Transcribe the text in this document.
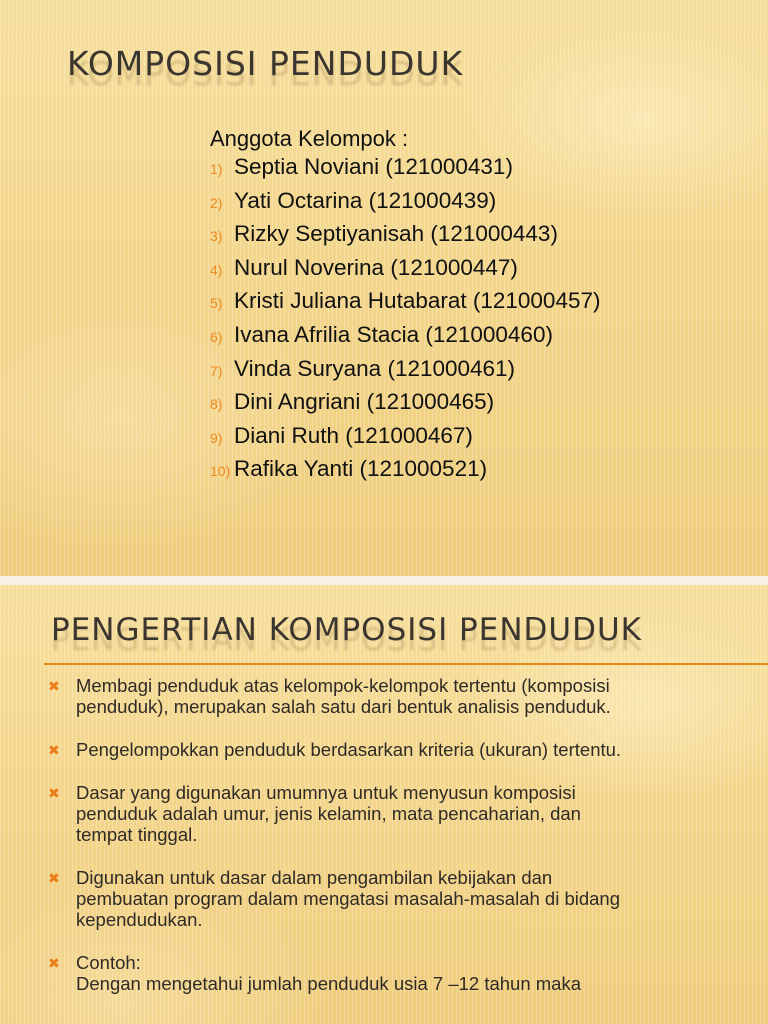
KOMPOSISI PENDUDUK
Anggota Kelompok :
1) Septia Noviani (121000431)
2) Yati Octarina (121000439)
3) Rizky Septiyanisah (121000443)
4) Nurul Noverina (121000447)
5) Kristi Juliana Hutabarat (121000457)
6) Ivana Afrilia Stacia (121000460)
7) Vinda Suryana (121000461)
8) Dini Angriani (121000465)
9) Diani Ruth (121000467)
10) Rafika Yanti (121000521)
PENGERTIAN KOMPOSISI PENDUDUK
✖ Membagi penduduk atas kelompok-kelompok tertentu (komposisi
penduduk), merupakan salah satu dari bentuk analisis penduduk.
✖ Pengelompokkan penduduk berdasarkan kriteria (ukuran) tertentu.
✖ Dasar yang digunakan umumnya untuk menyusun komposisi
penduduk adalah umur, jenis kelamin, mata pencaharian, dan
tempat tinggal.
✖ Digunakan untuk dasar dalam pengambilan kebijakan dan
pembuatan program dalam mengatasi masalah-masalah di bidang
kependudukan.
✖ Contoh:
Dengan mengetahui jumlah penduduk usia 7 –12 tahun maka
